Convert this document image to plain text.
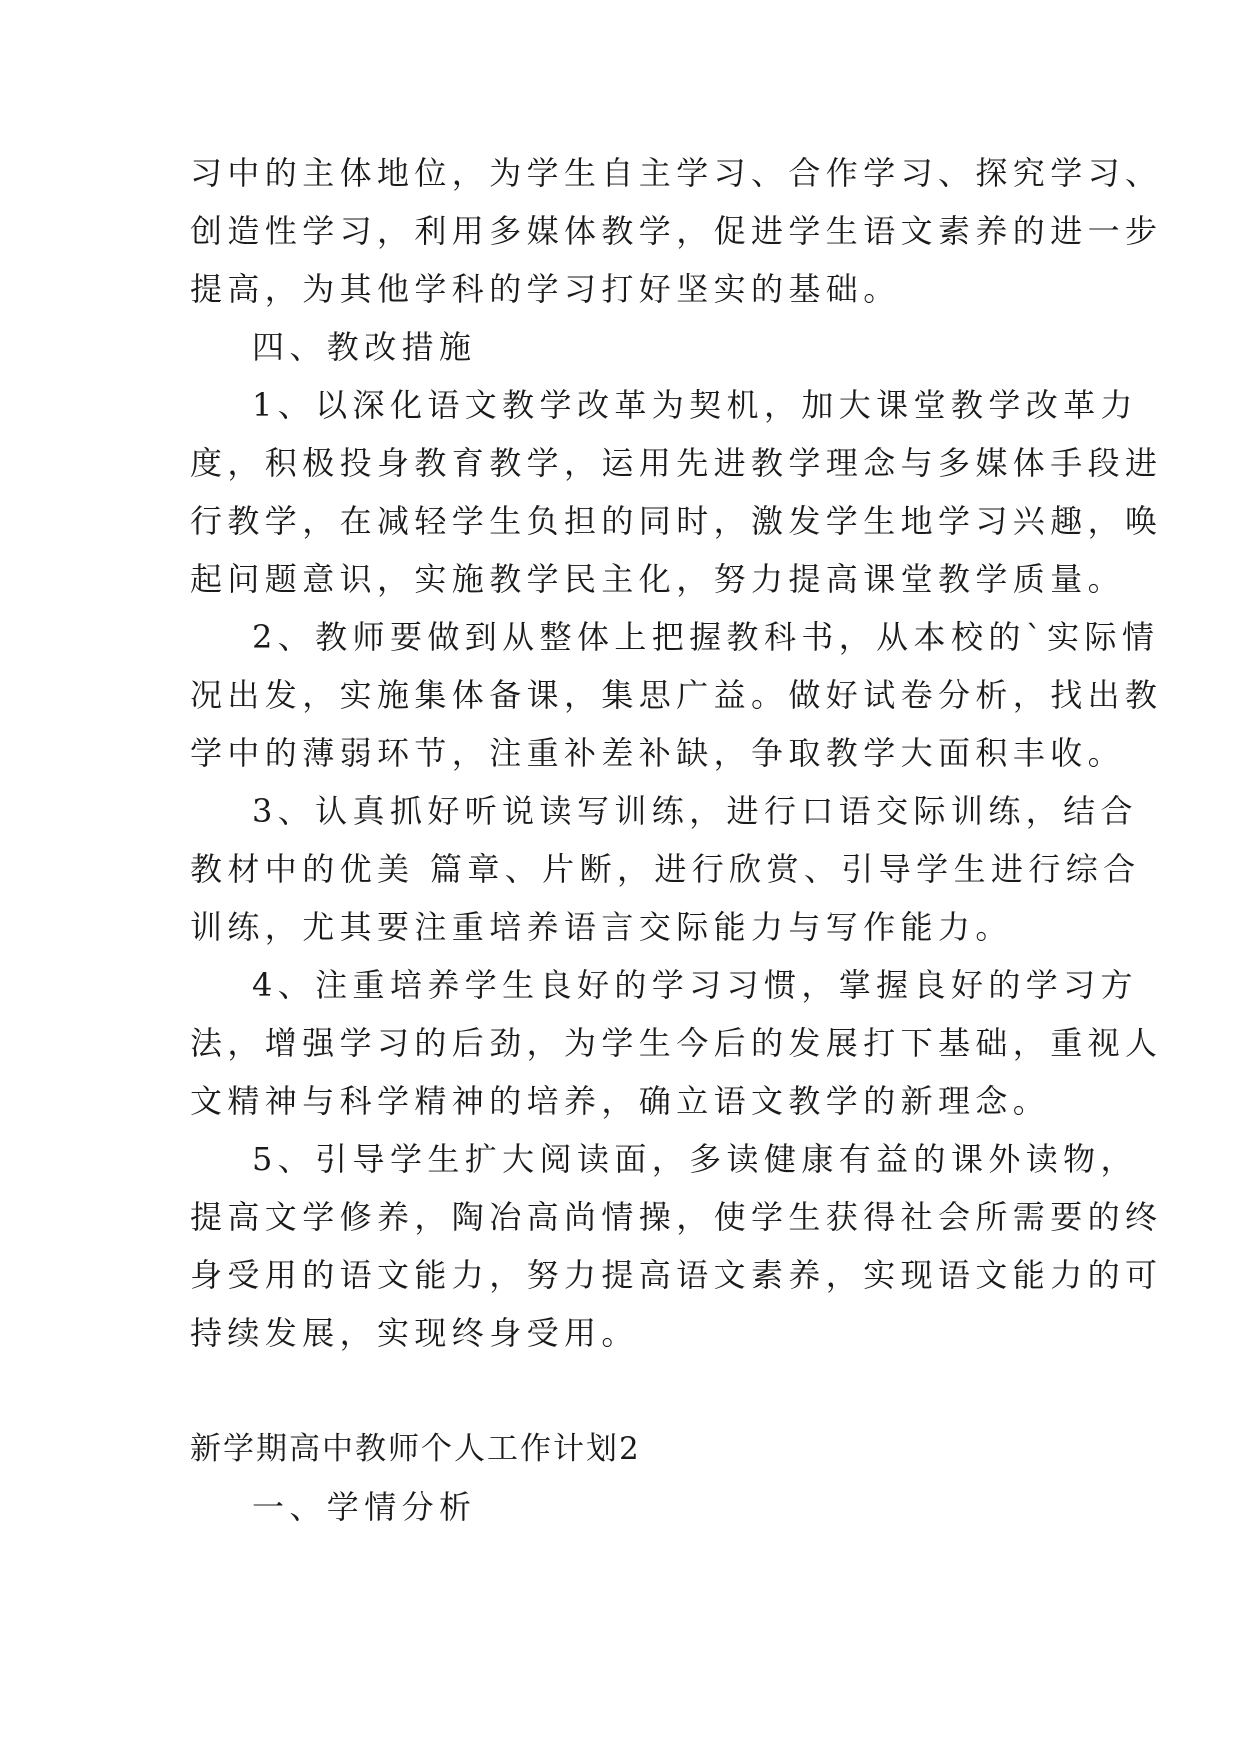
习中的主体地位，为学生自主学习、合作学习、探究学习、
创造性学习，利用多媒体教学，促进学生语文素养的进一步
提高，为其他学科的学习打好坚实的基础。
四、教改措施
1、以深化语文教学改革为契机，加大课堂教学改革力
度，积极投身教育教学，运用先进教学理念与多媒体手段进
行教学，在减轻学生负担的同时，激发学生地学习兴趣，唤
起问题意识，实施教学民主化，努力提高课堂教学质量。
2、教师要做到从整体上把握教科书，从本校的`实际情
况出发，实施集体备课，集思广益。做好试卷分析，找出教
学中的薄弱环节，注重补差补缺，争取教学大面积丰收。
3、认真抓好听说读写训练，进行口语交际训练，结合
教材中的优美 篇章、片断，进行欣赏、引导学生进行综合
训练，尤其要注重培养语言交际能力与写作能力。
4、注重培养学生良好的学习习惯，掌握良好的学习方
法，增强学习的后劲，为学生今后的发展打下基础，重视人
文精神与科学精神的培养，确立语文教学的新理念。
5、引导学生扩大阅读面，多读健康有益的课外读物，
提高文学修养，陶冶高尚情操，使学生获得社会所需要的终
身受用的语文能力，努力提高语文素养，实现语文能力的可
持续发展，实现终身受用。
新学期高中教师个人工作计划2
一、学情分析
